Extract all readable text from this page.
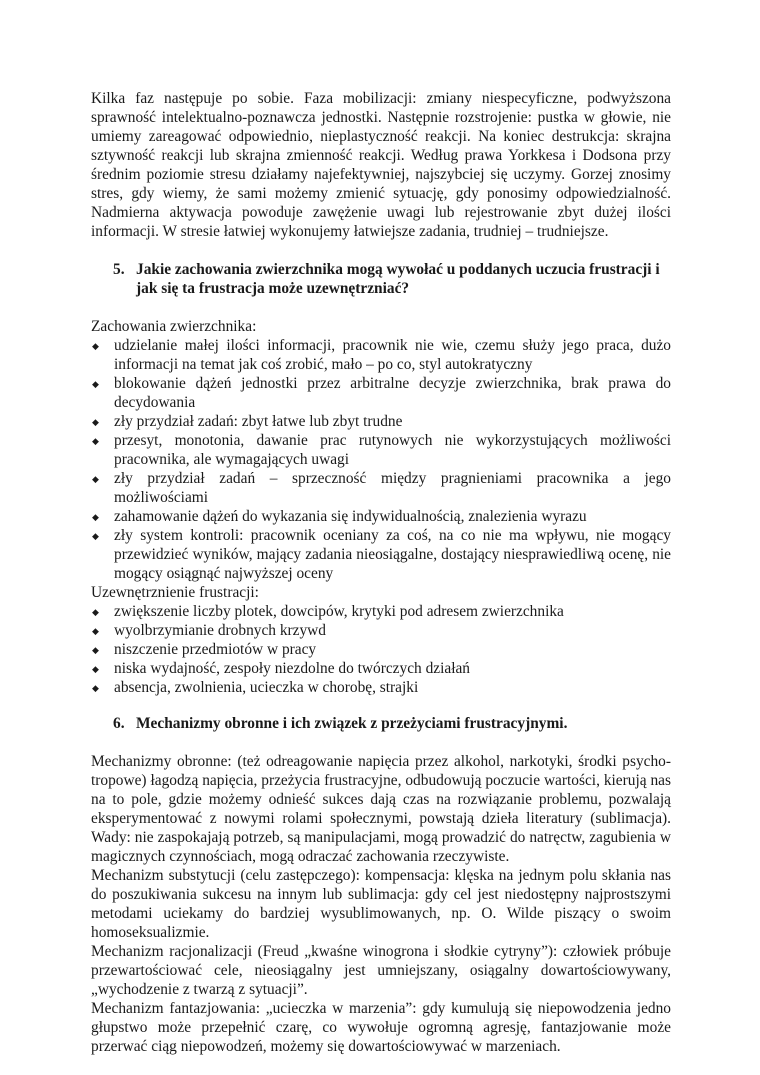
Kilka faz następuje po sobie. Faza mobilizacji: zmiany niespecyficzne, podwyższona sprawność intelektualno-poznawcza jednostki. Następnie rozstrojenie: pustka w głowie, nie umiemy zareagować odpowiednio, nieplastyczność reakcji. Na koniec destrukcja: skrajna sztywność reakcji lub skrajna zmienność reakcji. Według prawa Yorkkesa i Dodsona przy średnim poziomie stresu działamy najefektywniej, najszybciej się uczymy. Gorzej znosimy stres, gdy wiemy, że sami możemy zmienić sytuację, gdy ponosimy odpowiedzialność. Nadmierna aktywacja powoduje zawężenie uwagi lub rejestrowanie zbyt dużej ilości informacji. W stresie łatwiej wykonujemy łatwiejsze zadania, trudniej – trudniejsze.

5. Jakie zachowania zwierzchnika mogą wywołać u poddanych uczucia frustracji i jak się ta frustracja może uzewnętrzniać?

Zachowania zwierzchnika:

◆ udzielanie małej ilości informacji, pracownik nie wie, czemu służy jego praca, dużo informacji na temat jak coś zrobić, mało – po co, styl autokratyczny
◆ blokowanie dążeń jednostki przez arbitralne decyzje zwierzchnika, brak prawa do decydowania
◆ zły przydział zadań: zbyt łatwe lub zbyt trudne
◆ przesyt, monotonia, dawanie prac rutynowych nie wykorzystujących możliwości pracownika, ale wymagających uwagi
◆ zły przydział zadań – sprzeczność między pragnieniami pracownika a jego możliwościami
◆ zahamowanie dążeń do wykazania się indywidualnością, znalezienia wyrazu
◆ zły system kontroli: pracownik oceniany za coś, na co nie ma wpływu, nie mogący przewidzieć wyników, mający zadania nieosiągalne, dostający niesprawiedliwą ocenę, nie mogący osiągnąć najwyższej oceny

Uzewnętrznienie frustracji:

◆ zwiększenie liczby plotek, dowcipów, krytyki pod adresem zwierzchnika
◆ wyolbrzymianie drobnych krzywd
◆ niszczenie przedmiotów w pracy
◆ niska wydajność, zespoły niezdolne do twórczych działań
◆ absencja, zwolnienia, ucieczka w chorobę, strajki
6. Mechanizmy obronne i ich związek z przeżyciami frustracyjnymi.

Mechanizmy obronne: (też odreagowanie napięcia przez alkohol, narkotyki, środki psycho-tropowe) łagodzą napięcia, przeżycia frustracyjne, odbudowują poczucie wartości, kierują nas na to pole, gdzie możemy odnieść sukces dają czas na rozwiązanie problemu, pozwalają eksperymentować z nowymi rolami społecznymi, powstają dzieła literatury (sublimacja). Wady: nie zaspokajają potrzeb, są manipulacjami, mogą prowadzić do natręctw, zagubienia w magicznych czynnościach, mogą odraczać zachowania rzeczywiste.

Mechanizm substytucji (celu zastępczego): kompensacja: klęska na jednym polu skłania nas do poszukiwania sukcesu na innym lub sublimacja: gdy cel jest niedostępny najprostszymi metodami uciekamy do bardziej wysublimowanych, np. O. Wilde piszący o swoim homoseksualizmie.

Mechanizm racjonalizacji (Freud „kwaśne winogrona i słodkie cytryny”): człowiek próbuje przewartościować cele, nieosiągalny jest umniejszany, osiągalny dowartościowywany, „wychodzenie z twarzą z sytuacji”.

Mechanizm fantazjowania: „ucieczka w marzenia”: gdy kumulują się niepowodzenia jedno głupstwo może przepełnić czarę, co wywołuje ogromną agresję, fantazjowanie może przerwać ciąg niepowodzeń, możemy się dowartościowywać w marzeniach.
